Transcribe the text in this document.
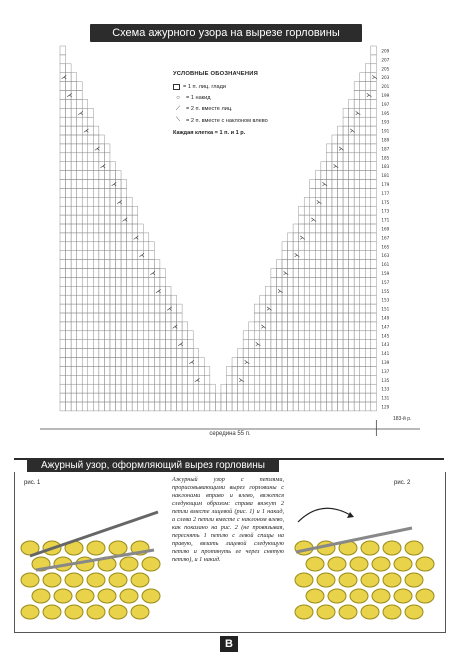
⋌	⋋
⋌	⋋
⋌	⋋
⋌	⋋
⋌	⋋
⋌	⋋
⋌	⋋
⋌	⋋
⋌	⋋
⋌	⋋
⋌	⋋
⋌	⋋
⋌	⋋
⋌	⋋
⋌	⋋
⋌	⋋
⋌	⋋
⋌	⋋
209
207
205
203
201
199
197
195
193
191
189
187
185
183
181
179
177
175
173
171
169
167
165
163
161
159
157
155
153
151
149
147
145
143
141
139
137
135
133
131
129
Схема ажурного узора на вырезе горловины
УСЛОВНЫЕ ОБОЗНАЧЕНИЯ
= 1 п. лиц. глади
○	= 1 накид
⟋	= 2 п. вместе лиц.
⟍	= 2 п. вместе с наклоном влево
Каждая клетка = 1 п. и 1 р.
середина 55 п.
183-й р.
Ажурный узор, оформляющий вырез горловины
рис. 1	Ажурный узор с петлями, прорисовывающими вырез горловины с наклонами вправо и влево, вяжется следующим образом: справа вяжут 2 петли вместе лицевой (рис. 1) и 1 накид, а слева 2 петли вместе с наклоном влево, как показано на рис. 2 (не провязывая, переснять 1 петлю с левой спицы на правую, вязать лицевой следующую петлю и протянуть ее через снятую петлю), и 1 накид.
рис. 2
B
